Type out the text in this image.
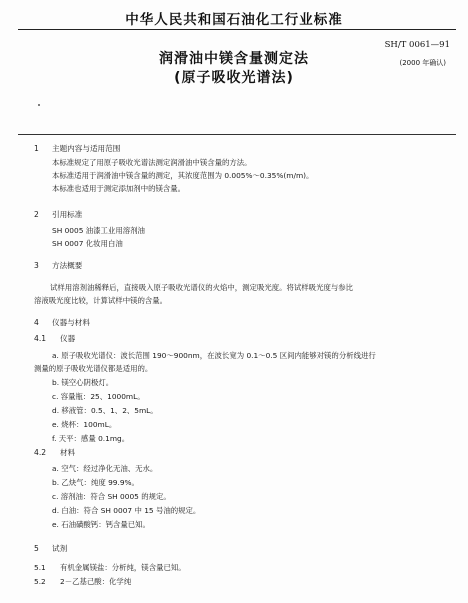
中华人民共和国石油化工行业标准
SH/T 0061—91
(2000 年确认)
润滑油中镁含量测定法
(原子吸收光谱法)
1 主题内容与适用范围
本标准规定了用原子吸收光谱法测定润滑油中镁含量的方法。
本标准适用于润滑油中镁含量的测定，其浓度范围为 0.005%～0.35%(m/m)。
本标准也适用于测定添加剂中的镁含量。
2 引用标准
SH 0005 油漆工业用溶剂油
SH 0007 化妆用白油
3 方法概要
试样用溶剂油稀释后，直接吸入原子吸收光谱仪的火焰中，测定吸光度。将试样吸光度与参比
溶液吸光度比较，计算试样中镁的含量。
4 仪器与材料
4.1 仪器
a. 原子吸收光谱仪：波长范围 190～900nm，在波长宽为 0.1～0.5 区间内能够对镁的分析线进行
测量的原子吸收光谱仪都是适用的。
b. 镁空心阴极灯。
c. 容量瓶：25、1000mL。
d. 移液管：0.5、1、2、5mL。
e. 烧杯：100mL。
f. 天平：感量 0.1mg。
4.2 材料
a. 空气：经过净化无油、无水。
b. 乙炔气：纯度 99.9%。
c. 溶剂油：符合 SH 0005 的规定。
d. 白油：符合 SH 0007 中 15 号油的规定。
e. 石油磺酸钙：钙含量已知。
5 试剂
5.1 有机金属镁盐：分析纯，镁含量已知。
5.2 2－乙基己酸：化学纯
